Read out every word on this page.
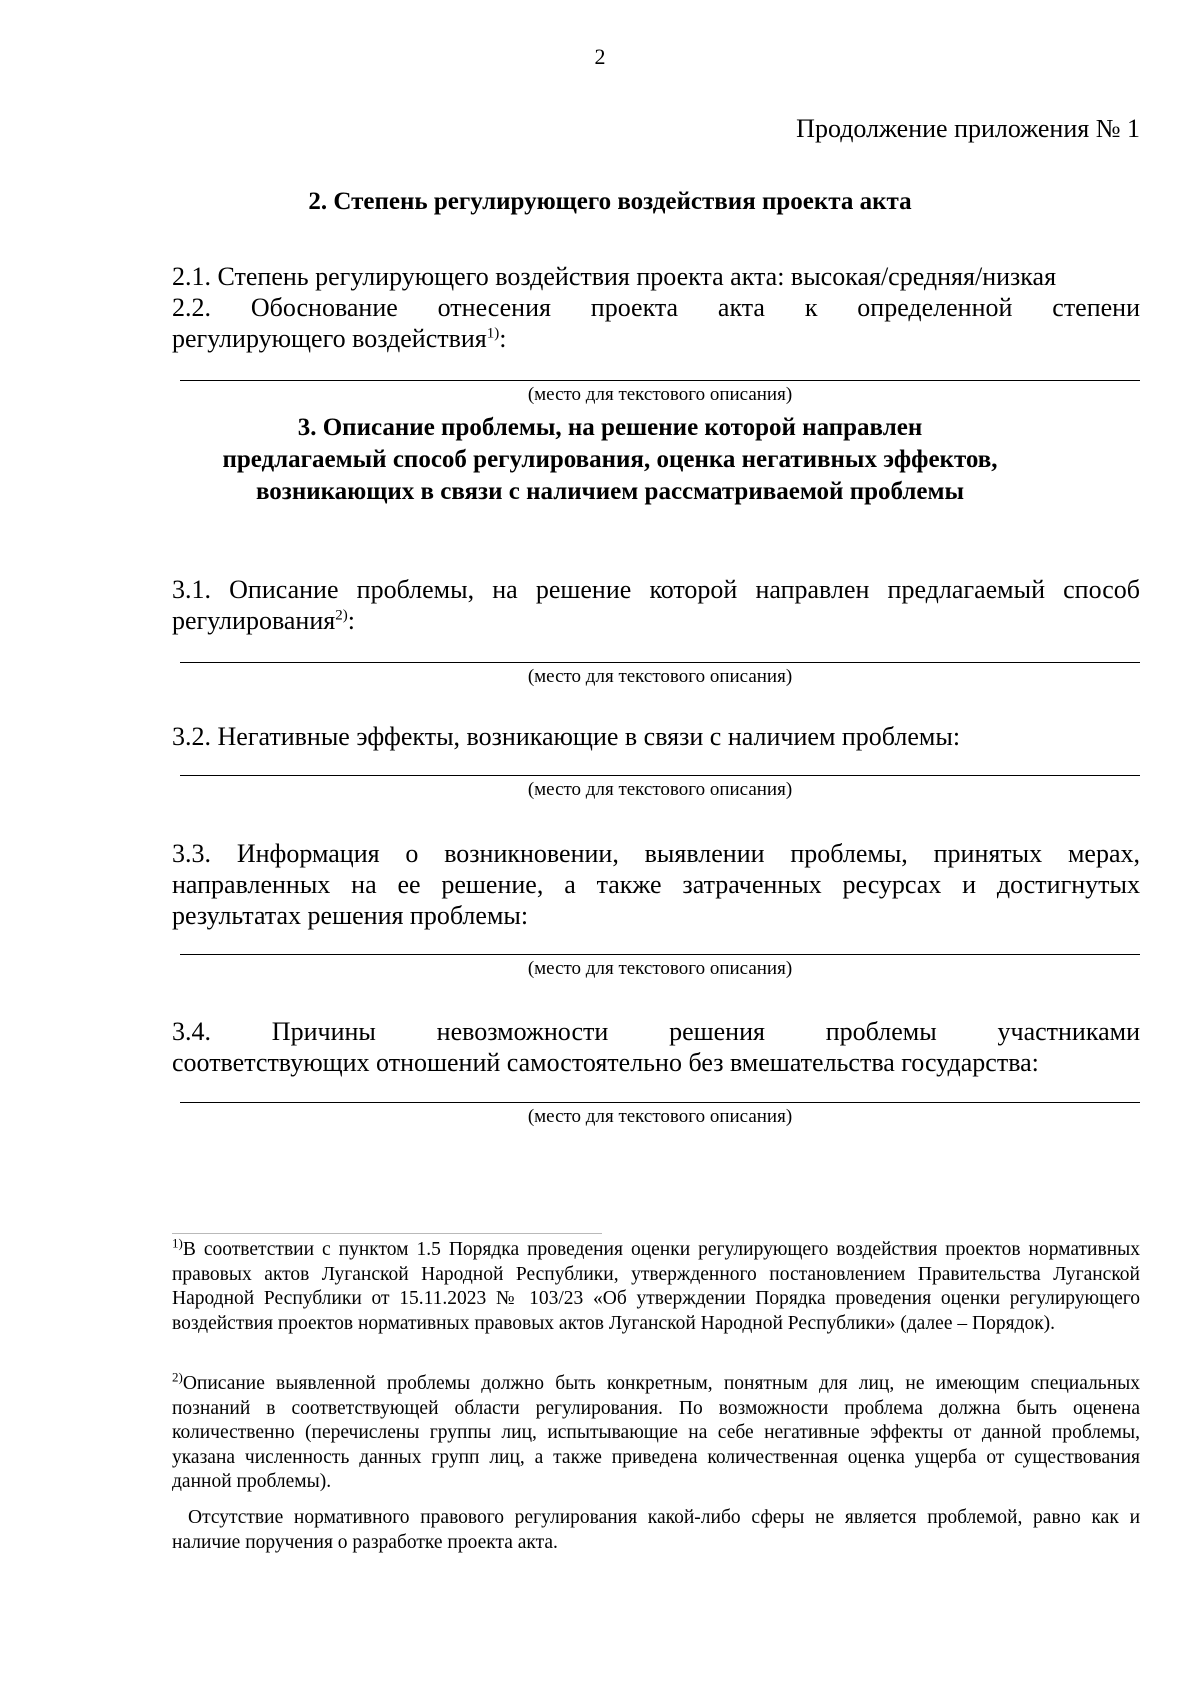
2
Продолжение приложения № 1
2. Степень регулирующего воздействия проекта акта
2.1. Степень регулирующего воздействия проекта акта: высокая/средняя/низкая
2.2. Обоснование отнесения проекта акта к определенной степени
регулирующего воздействия$^{1)}$:
(место для текстового описания)
3. Описание проблемы, на решение которой направлен
предлагаемый способ регулирования, оценка негативных эффектов,
возникающих в связи с наличием рассматриваемой проблемы
3.1. Описание проблемы, на решение которой направлен предлагаемый способ
регулирования$^{2)}$:
(место для текстового описания)
3.2. Негативные эффекты, возникающие в связи с наличием проблемы:
(место для текстового описания)
3.3. Информация о возникновении, выявлении проблемы, принятых мерах, направленных на ее решение, а также затраченных ресурсах и достигнутых результатах решения проблемы:
(место для текстового описания)
3.4. Причины невозможности решения проблемы участниками
соответствующих отношений самостоятельно без вмешательства государства:
(место для текстового описания)
$^{1)}$В соответствии с пунктом 1.5 Порядка проведения оценки регулирующего воздействия проектов нормативных правовых актов Луганской Народной Республики, утвержденного постановлением Правительства Луганской Народной Республики от 15.11.2023 № 103/23 «Об утверждении Порядка проведения оценки регулирующего воздействия проектов нормативных правовых актов Луганской Народной Республики» (далее – Порядок).
$^{2)}$Описание выявленной проблемы должно быть конкретным, понятным для лиц, не имеющим специальных познаний в соответствующей области регулирования. По возможности проблема должна быть оценена количественно (перечислены группы лиц, испытывающие на себе негативные эффекты от данной проблемы, указана численность данных групп лиц, а также приведена количественная оценка ущерба от существования данной проблемы).
Отсутствие нормативного правового регулирования какой-либо сферы не является проблемой, равно как и наличие поручения о разработке проекта акта.
